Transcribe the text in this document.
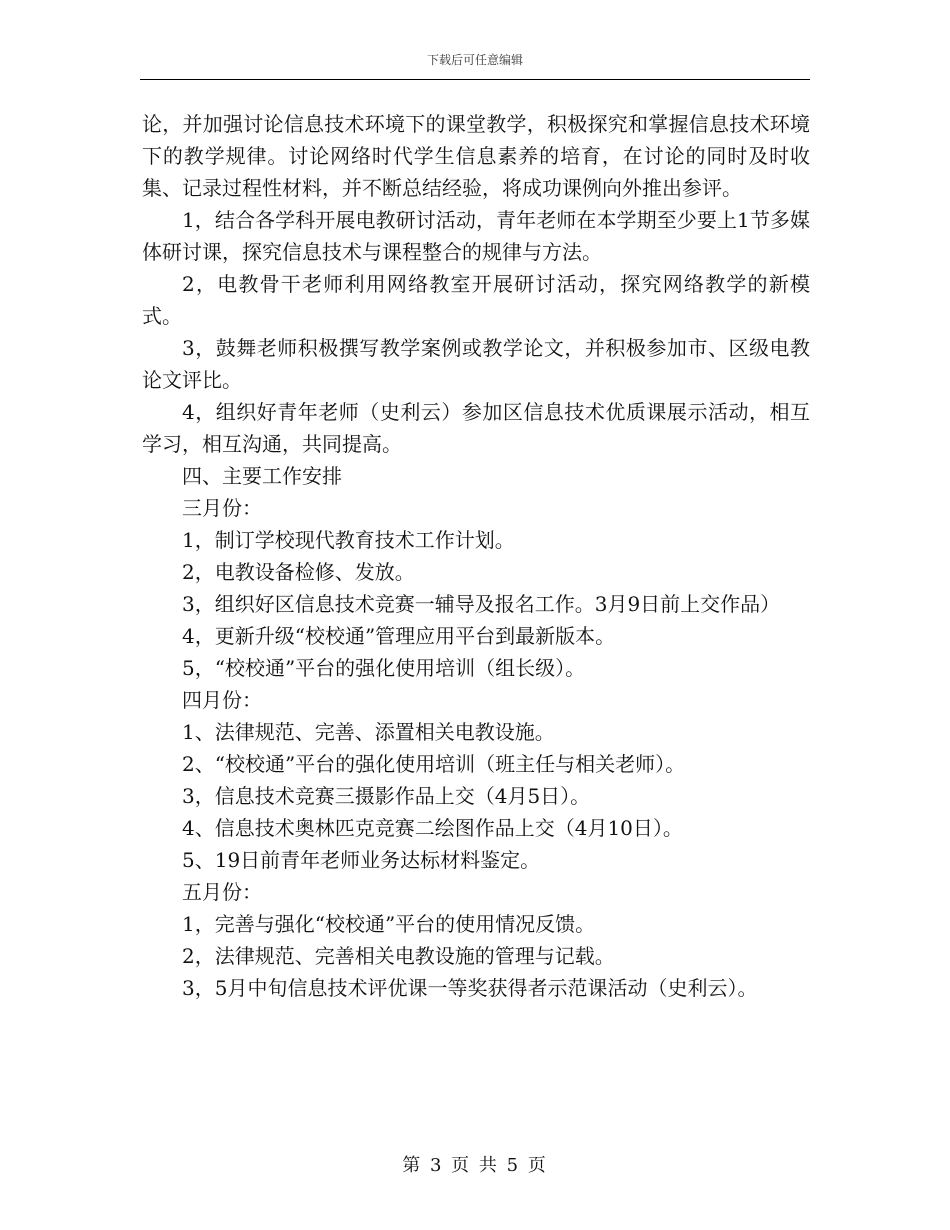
下载后可任意编辑

论，并加强讨论信息技术环境下的课堂教学，积极探究和掌握信息技术环境下的教学规律。讨论网络时代学生信息素养的培育，在讨论的同时及时收集、记录过程性材料，并不断总结经验，将成功课例向外推出参评。

1，结合各学科开展电教研讨活动，青年老师在本学期至少要上1节多媒体研讨课，探究信息技术与课程整合的规律与方法。

2，电教骨干老师利用网络教室开展研讨活动，探究网络教学的新模式。

3，鼓舞老师积极撰写教学案例或教学论文，并积极参加市、区级电教论文评比。

4，组织好青年老师（史利云）参加区信息技术优质课展示活动，相互学习，相互沟通，共同提高。

四、主要工作安排

三月份：

1，制订学校现代教育技术工作计划。

2，电教设备检修、发放。

3，组织好区信息技术竞赛一辅导及报名工作。3月9日前上交作品）

4，更新升级“校校通”管理应用平台到最新版本。

5，“校校通”平台的强化使用培训（组长级）。

四月份：

1、法律规范、完善、添置相关电教设施。

2、“校校通”平台的强化使用培训（班主任与相关老师）。

3，信息技术竞赛三摄影作品上交（4月5日）。

4、信息技术奥林匹克竞赛二绘图作品上交（4月10日）。

5、19日前青年老师业务达标材料鉴定。

五月份：

1，完善与强化“校校通”平台的使用情况反馈。

2，法律规范、完善相关电教设施的管理与记载。

3，5月中旬信息技术评优课一等奖获得者示范课活动（史利云）。

第 3 页 共 5 页
